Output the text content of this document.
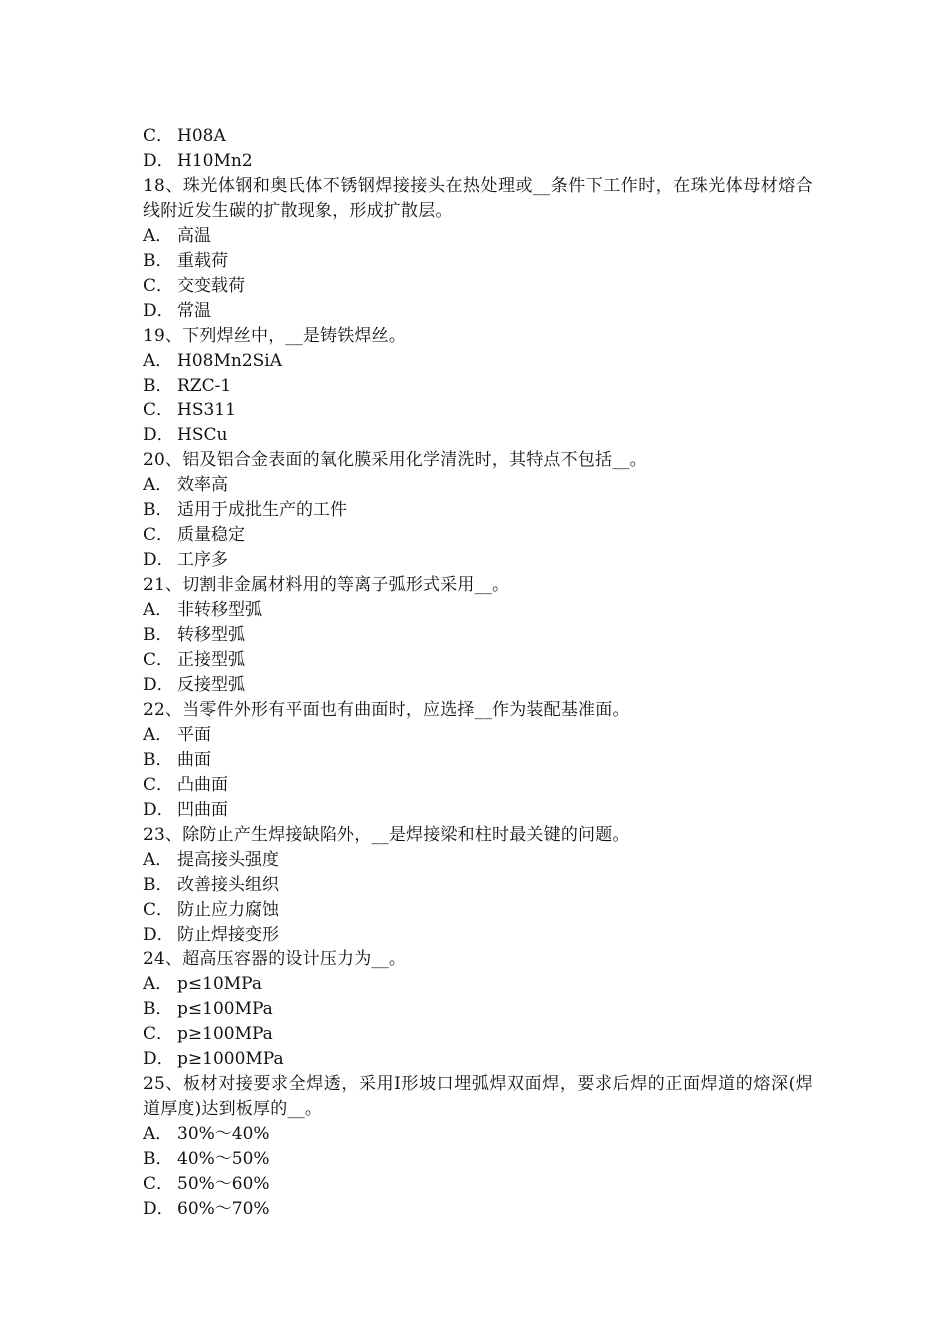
C． H08A
D． H10Mn2
18、珠光体钢和奥氏体不锈钢焊接接头在热处理或__条件下工作时，在珠光体母材熔合线附近发生碳的扩散现象，形成扩散层。
A． 高温
B． 重载荷
C． 交变载荷
D． 常温
19、下列焊丝中，__是铸铁焊丝。
A． H08Mn2SiA
B． RZC-1
C． HS311
D． HSCu
20、铝及铝合金表面的氧化膜采用化学清洗时，其特点不包括__。
A． 效率高
B． 适用于成批生产的工件
C． 质量稳定
D． 工序多
21、切割非金属材料用的等离子弧形式采用__。
A． 非转移型弧
B． 转移型弧
C． 正接型弧
D． 反接型弧
22、当零件外形有平面也有曲面时，应选择__作为装配基准面。
A． 平面
B． 曲面
C． 凸曲面
D． 凹曲面
23、除防止产生焊接缺陷外，__是焊接梁和柱时最关键的问题。
A． 提高接头强度
B． 改善接头组织
C． 防止应力腐蚀
D． 防止焊接变形
24、超高压容器的设计压力为__。
A． p≤10MPa
B． p≤100MPa
C． p≥100MPa
D． p≥1000MPa
25、板材对接要求全焊透，采用Ⅰ形坡口埋弧焊双面焊，要求后焊的正面焊道的熔深(焊道厚度)达到板厚的__。
A． 30%～40%
B． 40%～50%
C． 50%～60%
D． 60%～70%
